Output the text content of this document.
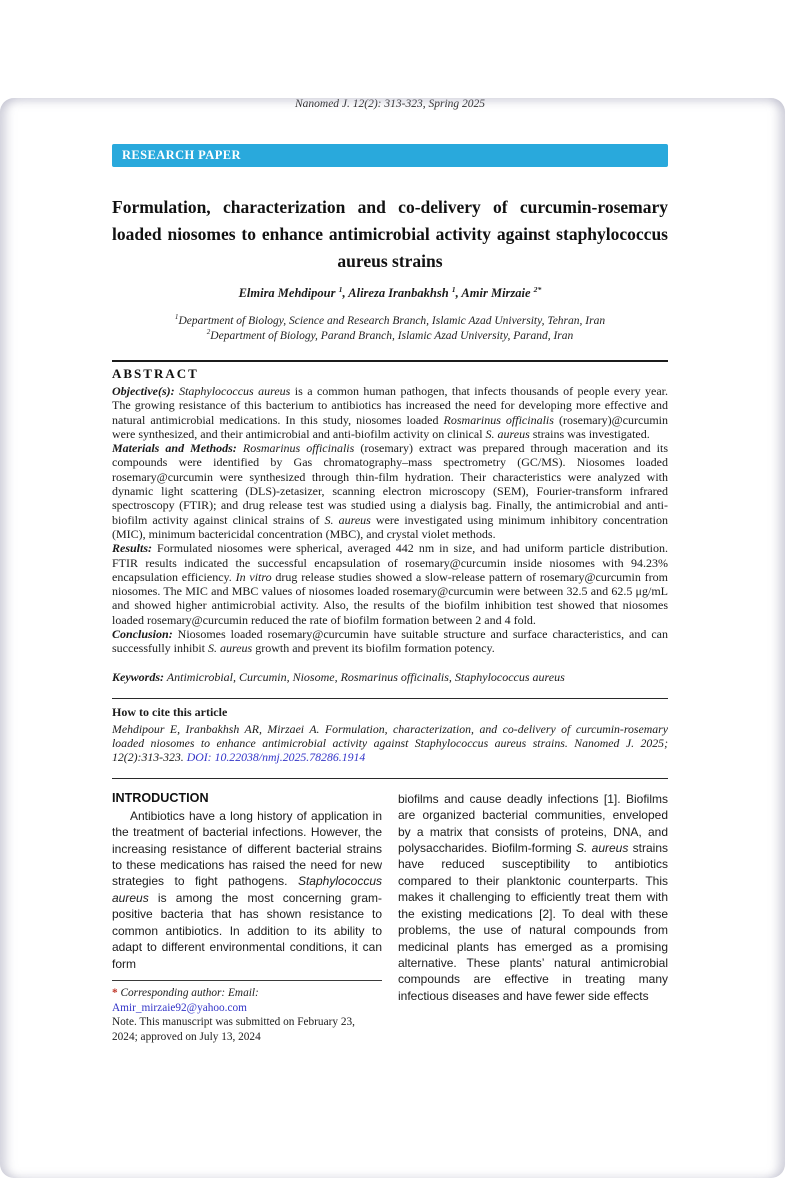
Nanomed J. 12(2): 313-323, Spring 2025
RESEARCH PAPER
Formulation, characterization and co-delivery of curcumin-rosemary loaded niosomes to enhance antimicrobial activity against staphylococcus aureus strains
Elmira Mehdipour $^1$, Alireza Iranbakhsh $^1$, Amir Mirzaie $^{2*}$
$^1$Department of Biology, Science and Research Branch, Islamic Azad University, Tehran, Iran
$^2$Department of Biology, Parand Branch, Islamic Azad University, Parand, Iran
ABSTRACT

Objective(s): Staphylococcus aureus is a common human pathogen, that infects thousands of people every year. The growing resistance of this bacterium to antibiotics has increased the need for developing more effective and natural antimicrobial medications. In this study, niosomes loaded Rosmarinus officinalis (rosemary)@curcumin were synthesized, and their antimicrobial and anti-biofilm activity on clinical S. aureus strains was investigated.

Materials and Methods: Rosmarinus officinalis (rosemary) extract was prepared through maceration and its compounds were identified by Gas chromatography–mass spectrometry (GC/MS). Niosomes loaded rosemary@curcumin were synthesized through thin-film hydration. Their characteristics were analyzed with dynamic light scattering (DLS)-zetasizer, scanning electron microscopy (SEM), Fourier-transform infrared spectroscopy (FTIR); and drug release test was studied using a dialysis bag. Finally, the antimicrobial and anti-biofilm activity against clinical strains of S. aureus were investigated using minimum inhibitory concentration (MIC), minimum bactericidal concentration (MBC), and crystal violet methods.

Results: Formulated niosomes were spherical, averaged 442 nm in size, and had uniform particle distribution. FTIR results indicated the successful encapsulation of rosemary@curcumin inside niosomes with 94.23% encapsulation efficiency. In vitro drug release studies showed a slow-release pattern of rosemary@curcumin from niosomes. The MIC and MBC values of niosomes loaded rosemary@curcumin were between 32.5 and 62.5 μg/mL and showed higher antimicrobial activity. Also, the results of the biofilm inhibition test showed that niosomes loaded rosemary@curcumin reduced the rate of biofilm formation between 2 and 4 fold.

Conclusion: Niosomes loaded rosemary@curcumin have suitable structure and surface characteristics, and can successfully inhibit S. aureus growth and prevent its biofilm formation potency.

Keywords: Antimicrobial, Curcumin, Niosome, Rosmarinus officinalis, Staphylococcus aureus

How to cite this article

Mehdipour E, Iranbakhsh AR, Mirzaei A. Formulation, characterization, and co-delivery of curcumin-rosemary loaded niosomes to enhance antimicrobial activity against Staphylococcus aureus strains. Nanomed J. 2025; 12(2):313-323. DOI: 10.22038/nmj.2025.78286.1914

INTRODUCTION

Antibiotics have a long history of application in the treatment of bacterial infections. However, the increasing resistance of different bacterial strains to these medications has raised the need for new strategies to fight pathogens. Staphylococcus aureus is among the most concerning gram-positive bacteria that has shown resistance to common antibiotics. In addition to its ability to adapt to different environmental conditions, it can form

* Corresponding author: Email: Amir_mirzaie92@yahoo.com

Note. This manuscript was submitted on February 23, 2024; approved on July 13, 2024

biofilms and cause deadly infections [1]. Biofilms are organized bacterial communities, enveloped by a matrix that consists of proteins, DNA, and polysaccharides. Biofilm-forming S. aureus strains have reduced susceptibility to antibiotics compared to their planktonic counterparts. This makes it challenging to efficiently treat them with the existing medications [2]. To deal with these problems, the use of natural compounds from medicinal plants has emerged as a promising alternative. These plants’ natural antimicrobial compounds are effective in treating many infectious diseases and have fewer side effects
